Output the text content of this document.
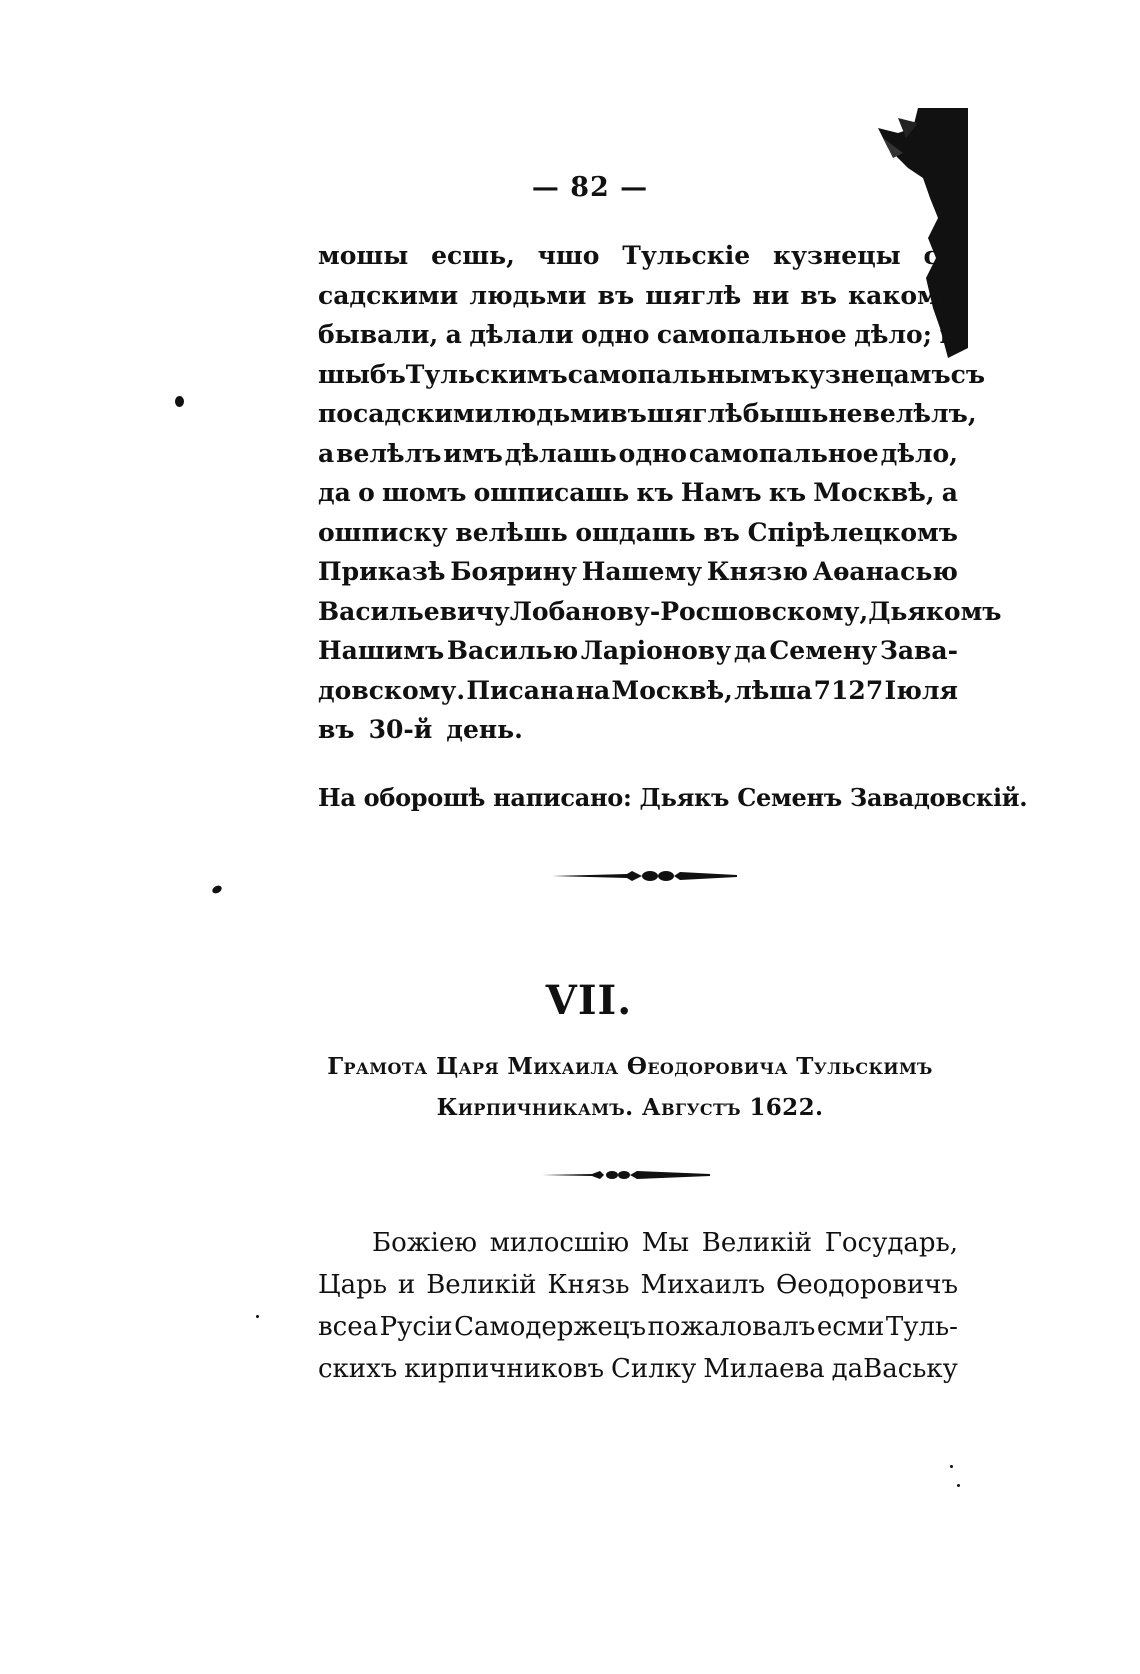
— 82 —
мошы есшь, чшо Тульскіе кузнецы съ
садскими людьми въ шяглѣ ни въ какомъ
бывали, а дѣлали одно самопальное дѣло; и
шыбъ Тульскимъ самопальнымъ кузнецамъ съ
посадскими людьми въ шяглѣ бышь не велѣлъ,
а велѣлъ имъ дѣлашь одно самопальное дѣло,
да о шомъ ошписашь къ Намъ къ Москвѣ, а
ошписку велѣшь ошдашь въ Спірѣлецкомъ
Приказѣ Боярину Нашему Князю Аѳанасью
Васильевичу Лобанову-Росшовскому, Дьякомъ
Нашимъ Василью Ларіонову да Семену Зава-
довскому. Писана на Москвѣ, лѣша 7127 Іюля
въ 30-й день.
На оборошѣ написано: Дьякъ Семенъ Завадовскій.
VII.
Грамота Царя Михаила Ѳеодоровича Тульскимъ
Кирпичникамъ. Августъ 1622.
Божіею милосшію Мы Великій Государь,
Царь и Великій Князь Михаилъ Ѳеодоровичъ
всеа Русіи Самодержецъ пожаловалъ есми Туль-
скихъ кирпичниковъ Силку Милаева даВаську
